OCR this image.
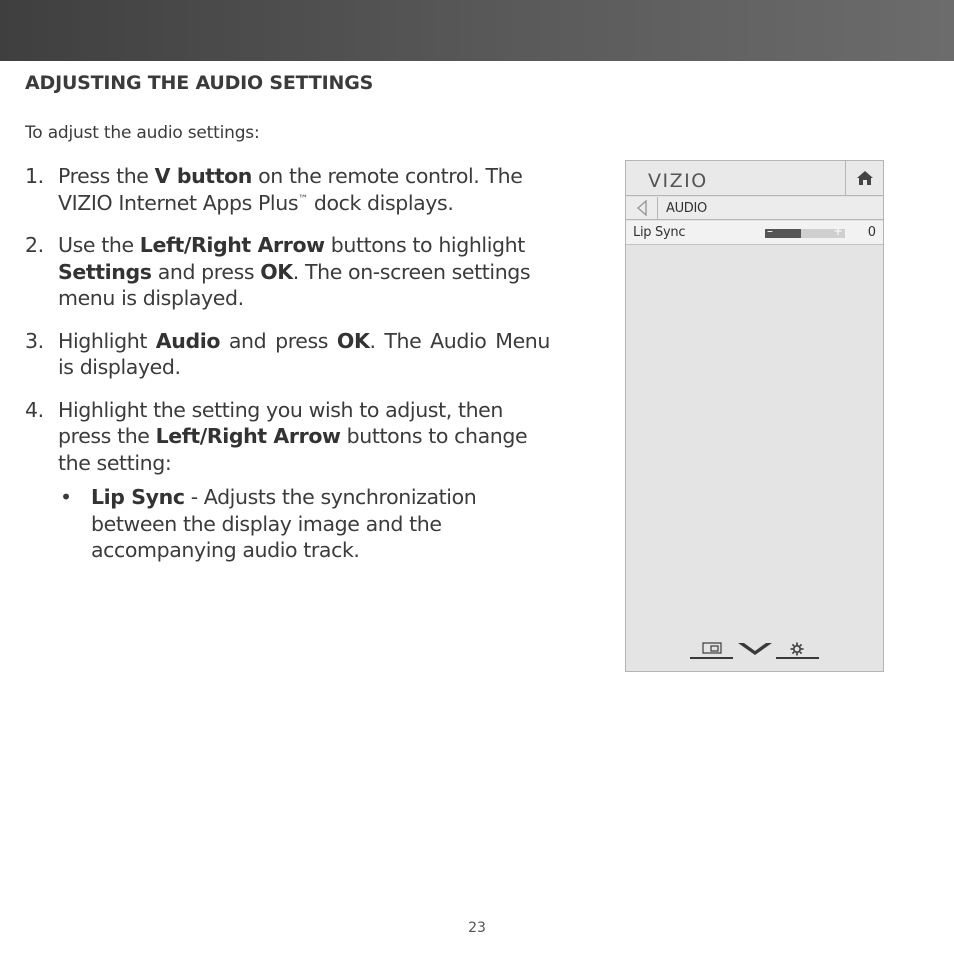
ADJUSTING THE AUDIO SETTINGS
To adjust the audio settings:
1. Press the V button on the remote control. The VIZIO Internet Apps Plus™ dock displays.
2. Use the Left/Right Arrow buttons to highlight Settings and press OK. The on-screen settings menu is displayed.
3. Highlight Audio and press OK. The Audio Menu is displayed.
4. Highlight the setting you wish to adjust, then press the Left/Right Arrow buttons to change the setting:
• Lip Sync - Adjusts the synchronization between the display image and the accompanying audio track.
VIZIO
AUDIO
Lip Sync	–	+ 0
23
